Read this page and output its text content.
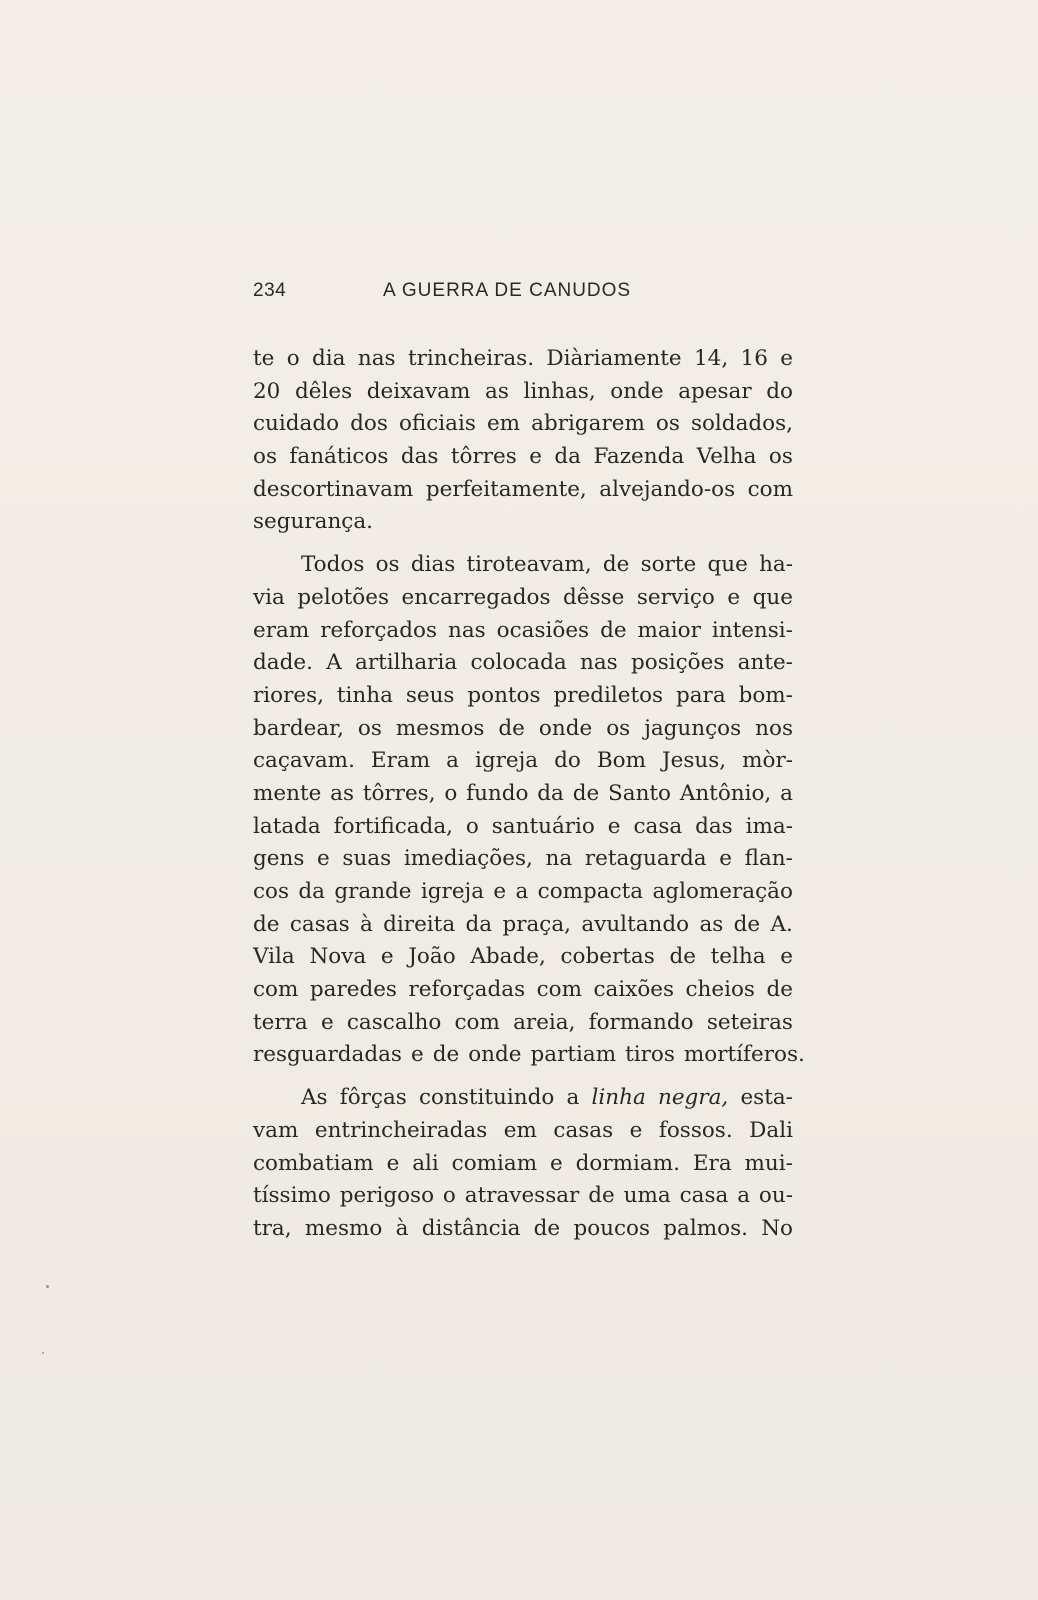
234	A GUERRA DE CANUDOS
te o dia nas trincheiras. Diàriamente 14, 16 e
20 dêles deixavam as linhas, onde apesar do
cuidado dos oficiais em abrigarem os soldados,
os fanáticos das tôrres e da Fazenda Velha os
descortinavam perfeitamente, alvejando-os com
segurança.
Todos os dias tiroteavam, de sorte que ha-
via pelotões encarregados dêsse serviço e que
eram reforçados nas ocasiões de maior intensi-
dade. A artilharia colocada nas posições ante-
riores, tinha seus pontos prediletos para bom-
bardear, os mesmos de onde os jagunços nos
caçavam. Eram a igreja do Bom Jesus, mòr-
mente as tôrres, o fundo da de Santo Antônio, a
latada fortificada, o santuário e casa das ima-
gens e suas imediações, na retaguarda e flan-
cos da grande igreja e a compacta aglomeração
de casas à direita da praça, avultando as de A.
Vila Nova e João Abade, cobertas de telha e
com paredes reforçadas com caixões cheios de
terra e cascalho com areia, formando seteiras
resguardadas e de onde partiam tiros mortíferos.
As fôrças constituindo a linha negra, esta-
vam entrincheiradas em casas e fossos. Dali
combatiam e ali comiam e dormiam. Era mui-
tíssimo perigoso o atravessar de uma casa a ou-
tra, mesmo à distância de poucos palmos. No
